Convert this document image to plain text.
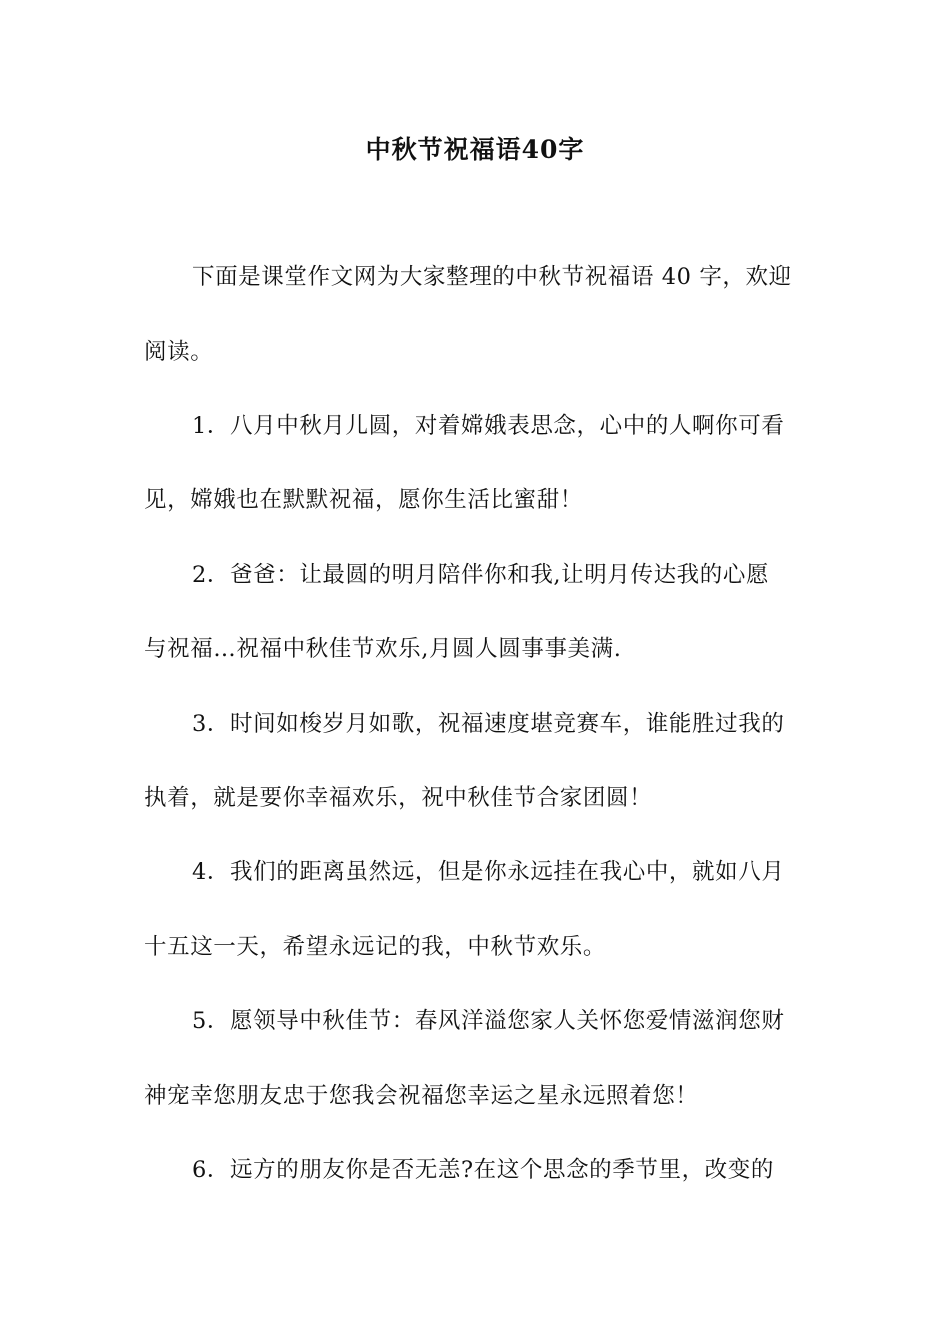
中秋节祝福语40字
下面是课堂作文网为大家整理的中秋节祝福语 40 字，欢迎
阅读。
1．八月中秋月儿圆，对着嫦娥表思念，心中的人啊你可看
见，嫦娥也在默默祝福，愿你生活比蜜甜！
2．爸爸：让最圆的明月陪伴你和我,让明月传达我的心愿
与祝福…祝福中秋佳节欢乐,月圆人圆事事美满.
3．时间如梭岁月如歌，祝福速度堪竞赛车，谁能胜过我的
执着，就是要你幸福欢乐，祝中秋佳节合家团圆！
4．我们的距离虽然远，但是你永远挂在我心中，就如八月
十五这一天，希望永远记的我，中秋节欢乐。
5．愿领导中秋佳节：春风洋溢您家人关怀您爱情滋润您财
神宠幸您朋友忠于您我会祝福您幸运之星永远照着您！
6．远方的朋友你是否无恙?在这个思念的季节里，改变的
